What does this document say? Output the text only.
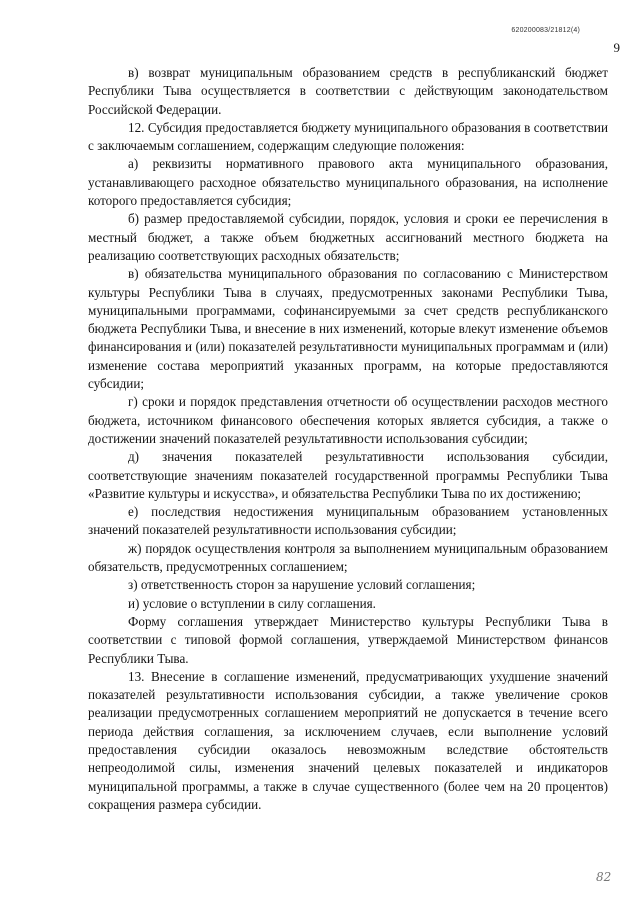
620200083/21812(4)
9

в) возврат муниципальным образованием средств в республиканский бюджет Республики Тыва осуществляется в соответствии с действующим законодательством Российской Федерации.

12. Субсидия предоставляется бюджету муниципального образования в соответствии с заключаемым соглашением, содержащим следующие положения:

а) реквизиты нормативного правового акта муниципального образования, устанавливающего расходное обязательство муниципального образования, на исполнение которого предоставляется субсидия;

б) размер предоставляемой субсидии, порядок, условия и сроки ее перечисления в местный бюджет, а также объем бюджетных ассигнований местного бюджета на реализацию соответствующих расходных обязательств;

в) обязательства муниципального образования по согласованию с Министерством культуры Республики Тыва в случаях, предусмотренных законами Республики Тыва, муниципальными программами, софинансируемыми за счет средств республиканского бюджета Республики Тыва, и внесение в них изменений, которые влекут изменение объемов финансирования и (или) показателей результативности муниципальных программам и (или) изменение состава мероприятий указанных программ, на которые предоставляются субсидии;

г) сроки и порядок представления отчетности об осуществлении расходов местного бюджета, источником финансового обеспечения которых является субсидия, а также о достижении значений показателей результативности использования субсидии;

д) значения показателей результативности использования субсидии, соответствующие значениям показателей государственной программы Республики Тыва «Развитие культуры и искусства», и обязательства Республики Тыва по их достижению;

е) последствия недостижения муниципальным образованием установленных значений показателей результативности использования субсидии;

ж) порядок осуществления контроля за выполнением муниципальным образованием обязательств, предусмотренных соглашением;

з) ответственность сторон за нарушение условий соглашения;

и) условие о вступлении в силу соглашения.

Форму соглашения утверждает Министерство культуры Республики Тыва в соответствии с типовой формой соглашения, утверждаемой Министерством финансов Республики Тыва.

13. Внесение в соглашение изменений, предусматривающих ухудшение значений показателей результативности использования субсидии, а также увеличение сроков реализации предусмотренных соглашением мероприятий не допускается в течение всего периода действия соглашения, за исключением случаев, если выполнение условий предоставления субсидии оказалось невозможным вследствие обстоятельств непреодолимой силы, изменения значений целевых показателей и индикаторов муниципальной программы, а также в случае существенного (более чем на 20 процентов) сокращения размера субсидии.

82
